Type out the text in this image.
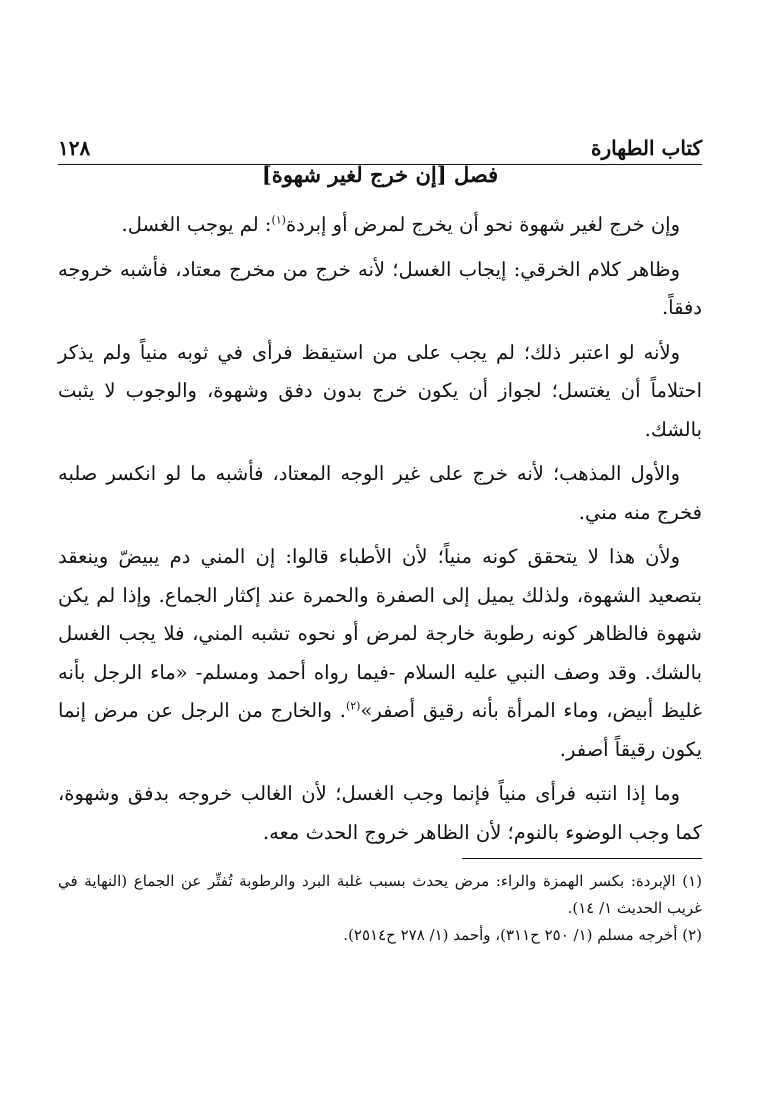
١٢٨	كتاب الطهارة
فصل [إن خرج لغير شهوة]

وإن خرج لغير شهوة نحو أن يخرج لمرض أو إبردة$^{(١)}$: لم يوجب الغسل.

وظاهر كلام الخرقي: إيجاب الغسل؛ لأنه خرج من مخرج معتاد، فأشبه خروجه دفقاً.

ولأنه لو اعتبر ذلك؛ لم يجب على من استيقظ فرأى في ثوبه منياً ولم يذكر احتلاماً أن يغتسل؛ لجواز أن يكون خرج بدون دفق وشهوة، والوجوب لا يثبت بالشك.

والأول المذهب؛ لأنه خرج على غير الوجه المعتاد، فأشبه ما لو انكسر صلبه فخرج منه مني.

ولأن هذا لا يتحقق كونه منياً؛ لأن الأطباء قالوا: إن المني دم يبيضّ وينعقد بتصعيد الشهوة، ولذلك يميل إلى الصفرة والحمرة عند إكثار الجماع. وإذا لم يكن شهوة فالظاهر كونه رطوبة خارجة لمرض أو نحوه تشبه المني، فلا يجب الغسل بالشك. وقد وصف النبي عليه السلام -فيما رواه أحمد ومسلم- «ماء الرجل بأنه غليظ أبيض، وماء المرأة بأنه رقيق أصفر»$^{(٢)}$. والخارج من الرجل عن مرض إنما يكون رقيقاً أصفر.

وما إذا انتبه فرأى منياً فإنما وجب الغسل؛ لأن الغالب خروجه بدفق وشهوة، كما وجب الوضوء بالنوم؛ لأن الظاهر خروج الحدث معه.

(١) الإبردة: بكسر الهمزة والراء: مرض يحدث بسبب غلبة البرد والرطوبة تُفتِّر عن الجماع (النهاية في غريب الحديث ١/ ١٤).

(٢) أخرجه مسلم (١/ ٢٥٠ ح٣١١)، وأحمد (١/ ٢٧٨ ح٢٥١٤).
